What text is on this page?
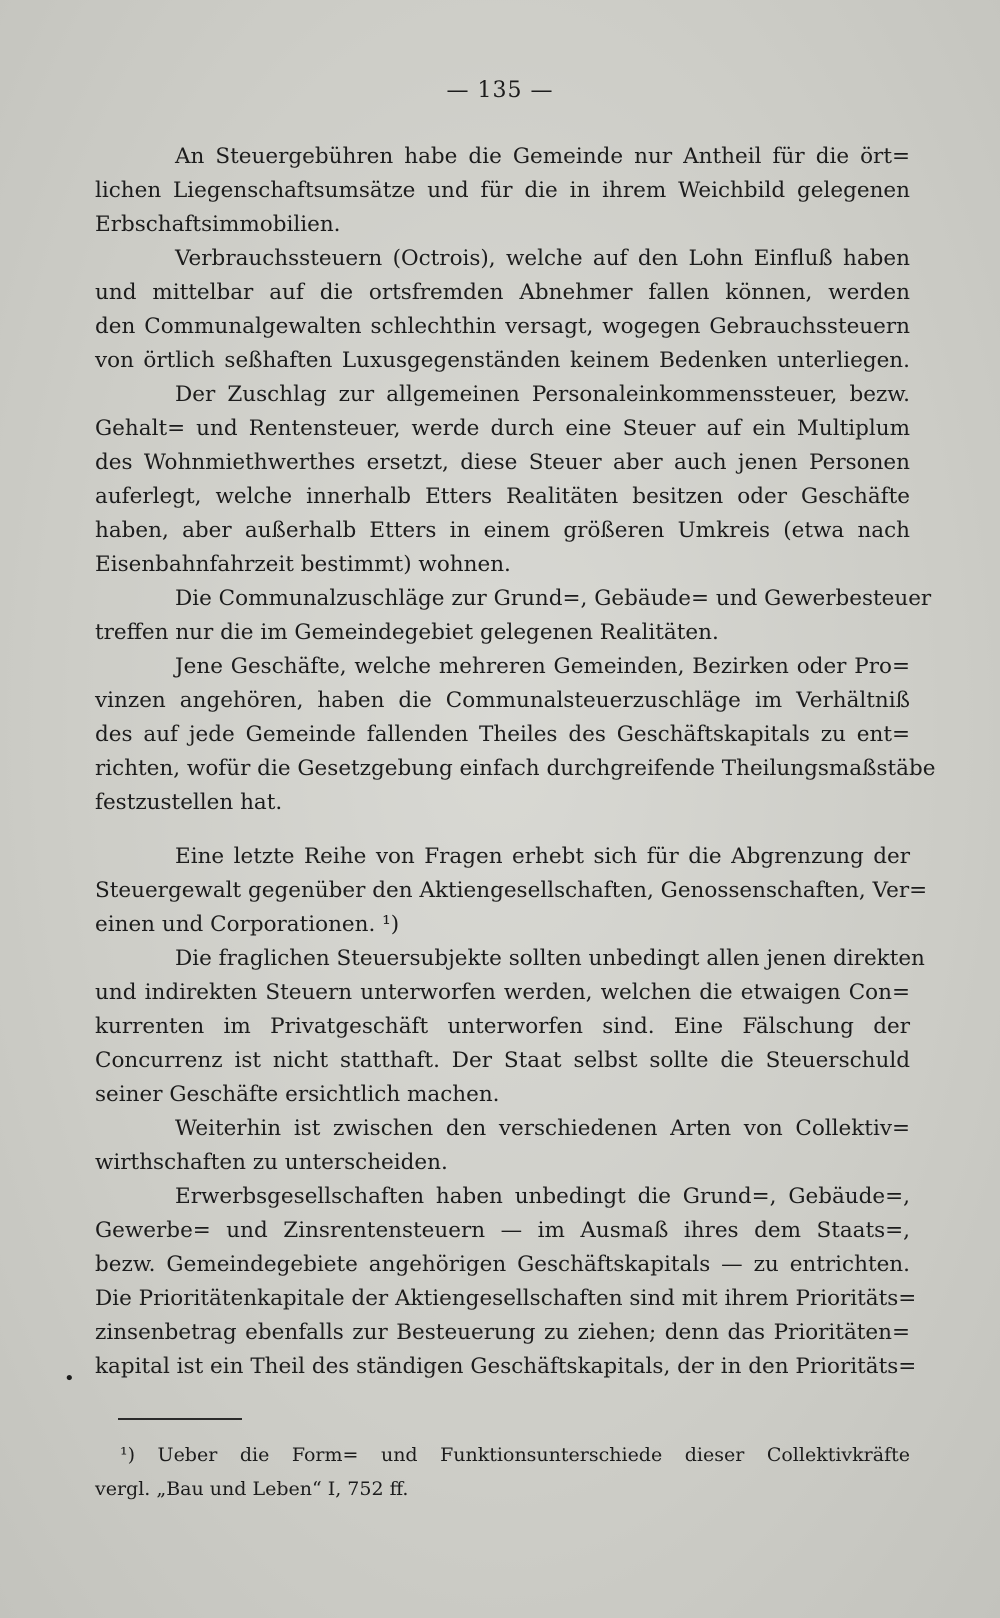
— 135 —
An Steuergebühren habe die Gemeinde nur Antheil für die ört=
lichen Liegenschaftsumsätze und für die in ihrem Weichbild gelegenen
Erbschaftsimmobilien.
Verbrauchssteuern (Octrois), welche auf den Lohn Einfluß haben
und mittelbar auf die ortsfremden Abnehmer fallen können, werden
den Communalgewalten schlechthin versagt, wogegen Gebrauchssteuern
von örtlich seßhaften Luxusgegenständen keinem Bedenken unterliegen.
Der Zuschlag zur allgemeinen Personaleinkommenssteuer, bezw.
Gehalt= und Rentensteuer, werde durch eine Steuer auf ein Multiplum
des Wohnmiethwerthes ersetzt, diese Steuer aber auch jenen Personen
auferlegt, welche innerhalb Etters Realitäten besitzen oder Geschäfte
haben, aber außerhalb Etters in einem größeren Umkreis (etwa nach
Eisenbahnfahrzeit bestimmt) wohnen.
Die Communalzuschläge zur Grund=, Gebäude= und Gewerbesteuer
treffen nur die im Gemeindegebiet gelegenen Realitäten.
Jene Geschäfte, welche mehreren Gemeinden, Bezirken oder Pro=
vinzen angehören, haben die Communalsteuerzuschläge im Verhältniß
des auf jede Gemeinde fallenden Theiles des Geschäftskapitals zu ent=
richten, wofür die Gesetzgebung einfach durchgreifende Theilungsmaßstäbe
festzustellen hat.
Eine letzte Reihe von Fragen erhebt sich für die Abgrenzung der
Steuergewalt gegenüber den Aktiengesellschaften, Genossenschaften, Ver=
einen und Corporationen. ¹)
Die fraglichen Steuersubjekte sollten unbedingt allen jenen direkten
und indirekten Steuern unterworfen werden, welchen die etwaigen Con=
kurrenten im Privatgeschäft unterworfen sind. Eine Fälschung der
Concurrenz ist nicht statthaft. Der Staat selbst sollte die Steuerschuld
seiner Geschäfte ersichtlich machen.
Weiterhin ist zwischen den verschiedenen Arten von Collektiv=
wirthschaften zu unterscheiden.
Erwerbsgesellschaften haben unbedingt die Grund=, Gebäude=,
Gewerbe= und Zinsrentensteuern — im Ausmaß ihres dem Staats=,
bezw. Gemeindegebiete angehörigen Geschäftskapitals — zu entrichten.
Die Prioritätenkapitale der Aktiengesellschaften sind mit ihrem Prioritäts=
zinsenbetrag ebenfalls zur Besteuerung zu ziehen; denn das Prioritäten=
kapital ist ein Theil des ständigen Geschäftskapitals, der in den Prioritäts=
•
¹) Ueber die Form= und Funktionsunterschiede dieser Collektivkräfte
vergl. „Bau und Leben“ I, 752 ff.
